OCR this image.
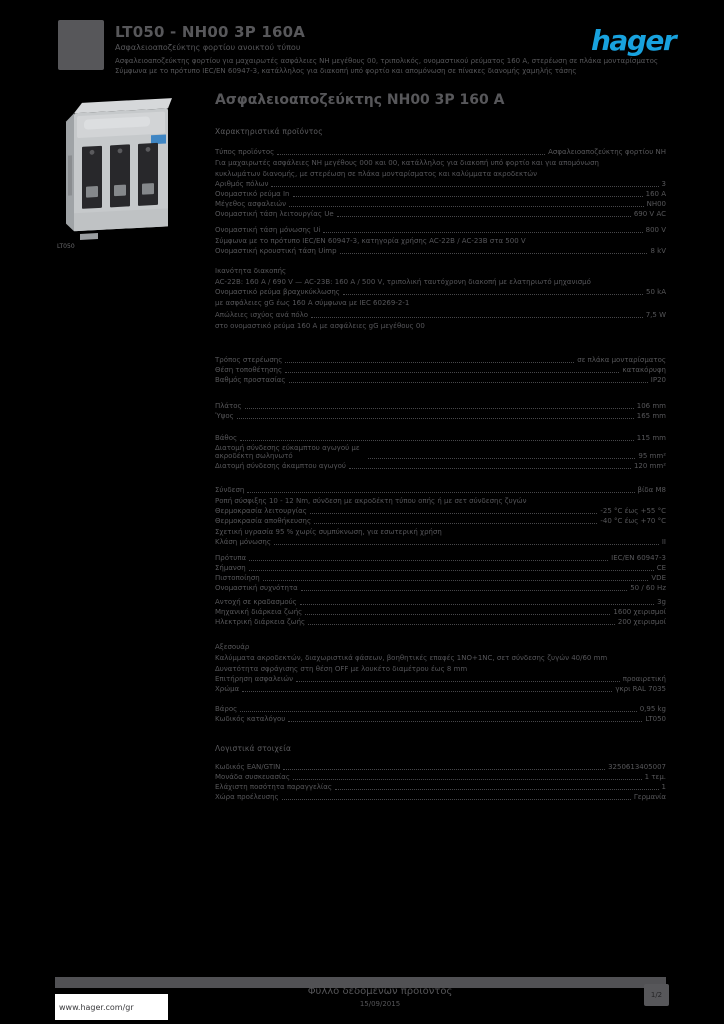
LT050 - NH00 3P 160A
Ασφαλειοαποζεύκτης φορτίου ανοικτού τύπου
Ασφαλειοαποζεύκτης φορτίου για μαχαιρωτές ασφάλειες NH μεγέθους 00, τριπολικός, ονομαστικού ρεύματος 160 A, στερέωση σε πλάκα μονταρίσματος
Σύμφωνα με το πρότυπο IEC/EN 60947-3, κατάλληλος για διακοπή υπό φορτίο και απομόνωση σε πίνακες διανομής χαμηλής τάσης
hager
LT050
Ασφαλειοαποζεύκτης NH00 3P 160 A
Χαρακτηριστικά προϊόντος
Τύπος προϊόντος	Ασφαλειοαποζεύκτης φορτίου NH
Για μαχαιρωτές ασφάλειες NH μεγέθους 000 και 00, κατάλληλος για διακοπή υπό φορτίο και για απομόνωση
κυκλωμάτων διανομής, με στερέωση σε πλάκα μονταρίσματος και καλύμματα ακροδεκτών
Αριθμός πόλων	3
Ονομαστικό ρεύμα In	160 A
Μέγεθος ασφαλειών	NH00
Ονομαστική τάση λειτουργίας Ue	690 V AC
Ονομαστική τάση μόνωσης Ui	800 V
Σύμφωνα με το πρότυπο IEC/EN 60947-3, κατηγορία χρήσης AC-22B / AC-23B στα 500 V
Ονομαστική κρουστική τάση Uimp	8 kV
Ικανότητα διακοπής
AC-22B: 160 A / 690 V — AC-23B: 160 A / 500 V, τριπολική ταυτόχρονη διακοπή με ελατηριωτό μηχανισμό
Ονομαστικό ρεύμα βραχυκύκλωσης	50 kA
με ασφάλειες gG έως 160 A σύμφωνα με IEC 60269-2-1
Απώλειες ισχύος ανά πόλο	7,5 W
στο ονομαστικό ρεύμα 160 A με ασφάλειες gG μεγέθους 00
Τρόπος στερέωσης	σε πλάκα μονταρίσματος
Θέση τοποθέτησης	κατακόρυφη
Βαθμός προστασίας	IP20
Πλάτος	106 mm
Ύψος	165 mm
Βάθος	115 mm
Διατομή σύνδεσης εύκαμπτου αγωγού με ακροδέκτη σωληνωτό	95 mm²
Διατομή σύνδεσης άκαμπτου αγωγού	120 mm²
Σύνδεση	βίδα M8
Ροπή σύσφιξης 10 - 12 Nm, σύνδεση με ακροδέκτη τύπου οπής ή με σετ σύνδεσης ζυγών
Θερμοκρασία λειτουργίας	-25 °C έως +55 °C
Θερμοκρασία αποθήκευσης	-40 °C έως +70 °C
Σχετική υγρασία 95 % χωρίς συμπύκνωση, για εσωτερική χρήση
Κλάση μόνωσης	II
Πρότυπα	IEC/EN 60947-3
Σήμανση	CE
Πιστοποίηση	VDE
Ονομαστική συχνότητα	50 / 60 Hz
Αντοχή σε κραδασμούς	3g
Μηχανική διάρκεια ζωής	1600 χειρισμοί
Ηλεκτρική διάρκεια ζωής	200 χειρισμοί
Αξεσουάρ
Καλύμματα ακροδεκτών, διαχωριστικά φάσεων, βοηθητικές επαφές 1NO+1NC, σετ σύνδεσης ζυγών 40/60 mm
Δυνατότητα σφράγισης στη θέση OFF με λουκέτο διαμέτρου έως 8 mm
Επιτήρηση ασφαλειών	προαιρετική
Χρώμα	γκρι RAL 7035
Βάρος	0,95 kg
Κωδικός καταλόγου	LT050
Λογιστικά στοιχεία
Κωδικός EAN/GTIN	3250613405007
Μονάδα συσκευασίας	1 τεμ.
Ελάχιστη ποσότητα παραγγελίας	1
Χώρα προέλευσης	Γερμανία
www.hager.com/gr
Φύλλο δεδομένων προϊόντος
15/09/2015
1/2
